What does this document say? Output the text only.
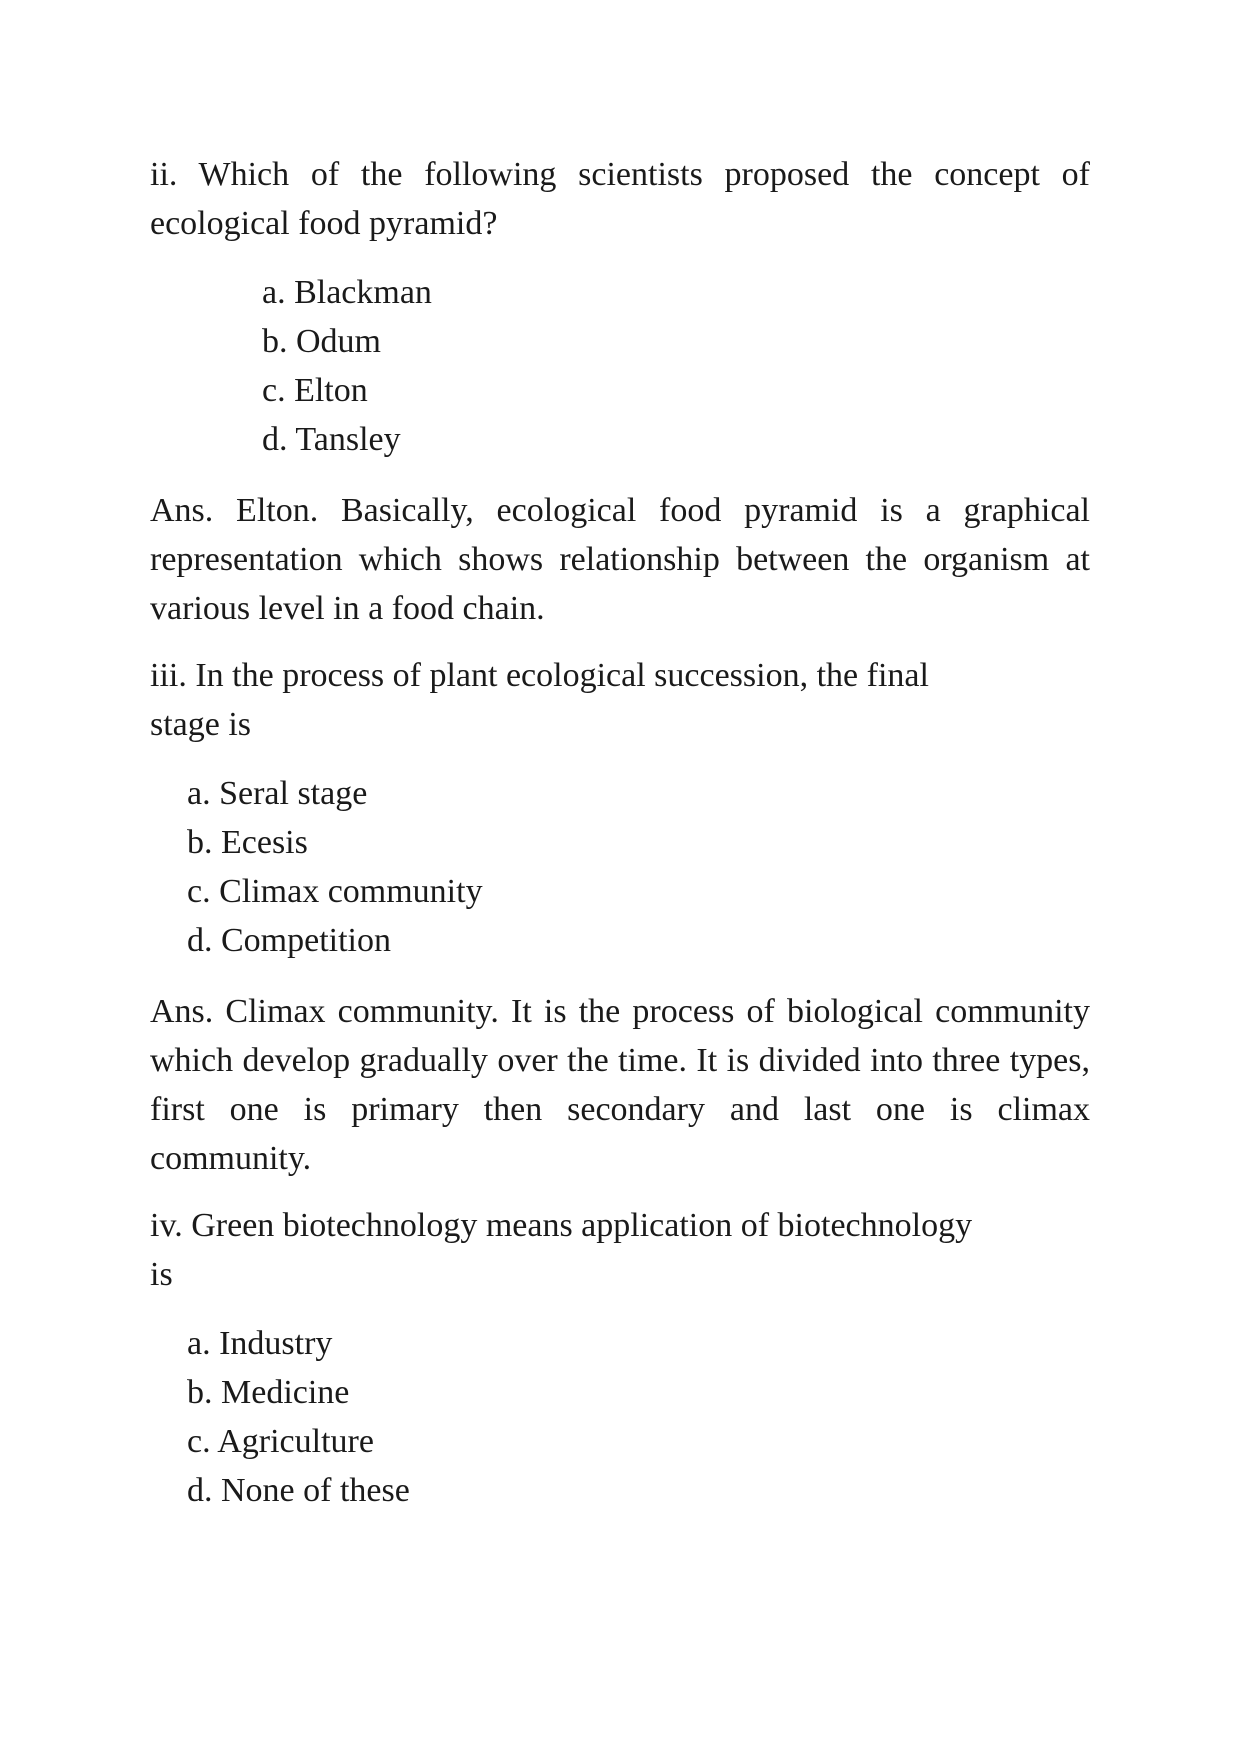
ii. Which of the following scientists proposed the concept of ecological food pyramid?

a. Blackman
b. Odum
c. Elton
d. Tansley

Ans. Elton. Basically, ecological food pyramid is a graphical representation which shows relationship between the organism at various level in a food chain.

iii. In the process of plant ecological succession, the final
stage is

a. Seral stage
b. Ecesis
c. Climax community
d. Competition

Ans. Climax community. It is the process of biological community which develop gradually over the time. It is divided into three types, first one is primary then secondary and last one is climax community.

iv. Green biotechnology means application of biotechnology
is

a. Industry
b. Medicine
c. Agriculture
d. None of these
